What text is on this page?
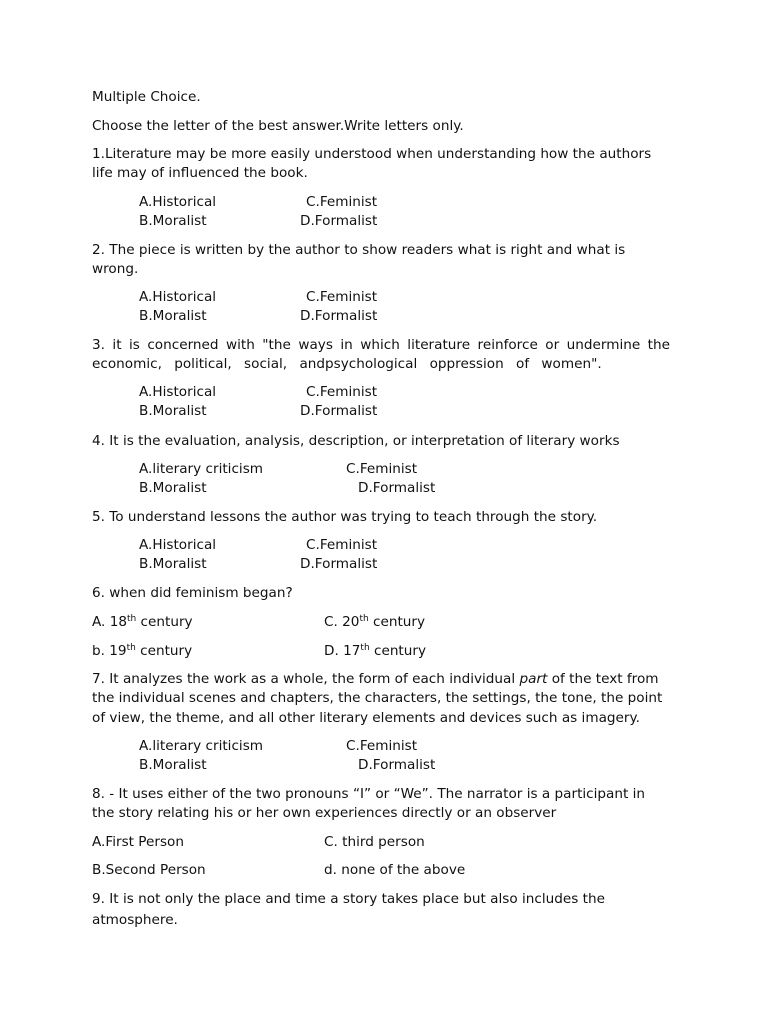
Multiple Choice.
Choose the letter of the best answer.Write letters only.
1.Literature may be more easily understood when understanding how the authors
life may of influenced the book.
A.Historical	C.Feminist
B.Moralist	D.Formalist
2. The piece is written by the author to show readers what is right and what is
wrong.
A.Historical	C.Feminist
B.Moralist	D.Formalist
3. it is concerned with "the ways in which literature reinforce or undermine the
economic, political, social, andpsychological oppression of women".
A.Historical	C.Feminist
B.Moralist	D.Formalist
4. It is the evaluation, analysis, description, or interpretation of literary works
A.literary criticism	C.Feminist
B.Moralist	D.Formalist
5. To understand lessons the author was trying to teach through the story.
A.Historical	C.Feminist
B.Moralist	D.Formalist
6. when did feminism began?
A. 18th century	C. 20th century
b. 19th century	D. 17th century
7. It analyzes the work as a whole, the form of each individual part of the text from
the individual scenes and chapters, the characters, the settings, the tone, the point
of view, the theme, and all other literary elements and devices such as imagery.
A.literary criticism	C.Feminist
B.Moralist	D.Formalist
8. - It uses either of the two pronouns “I” or “We”. The narrator is a participant in
the story relating his or her own experiences directly or an observer
A.First Person	C. third person
B.Second Person	d. none of the above
9. It is not only the place and time a story takes place but also includes the
atmosphere.
